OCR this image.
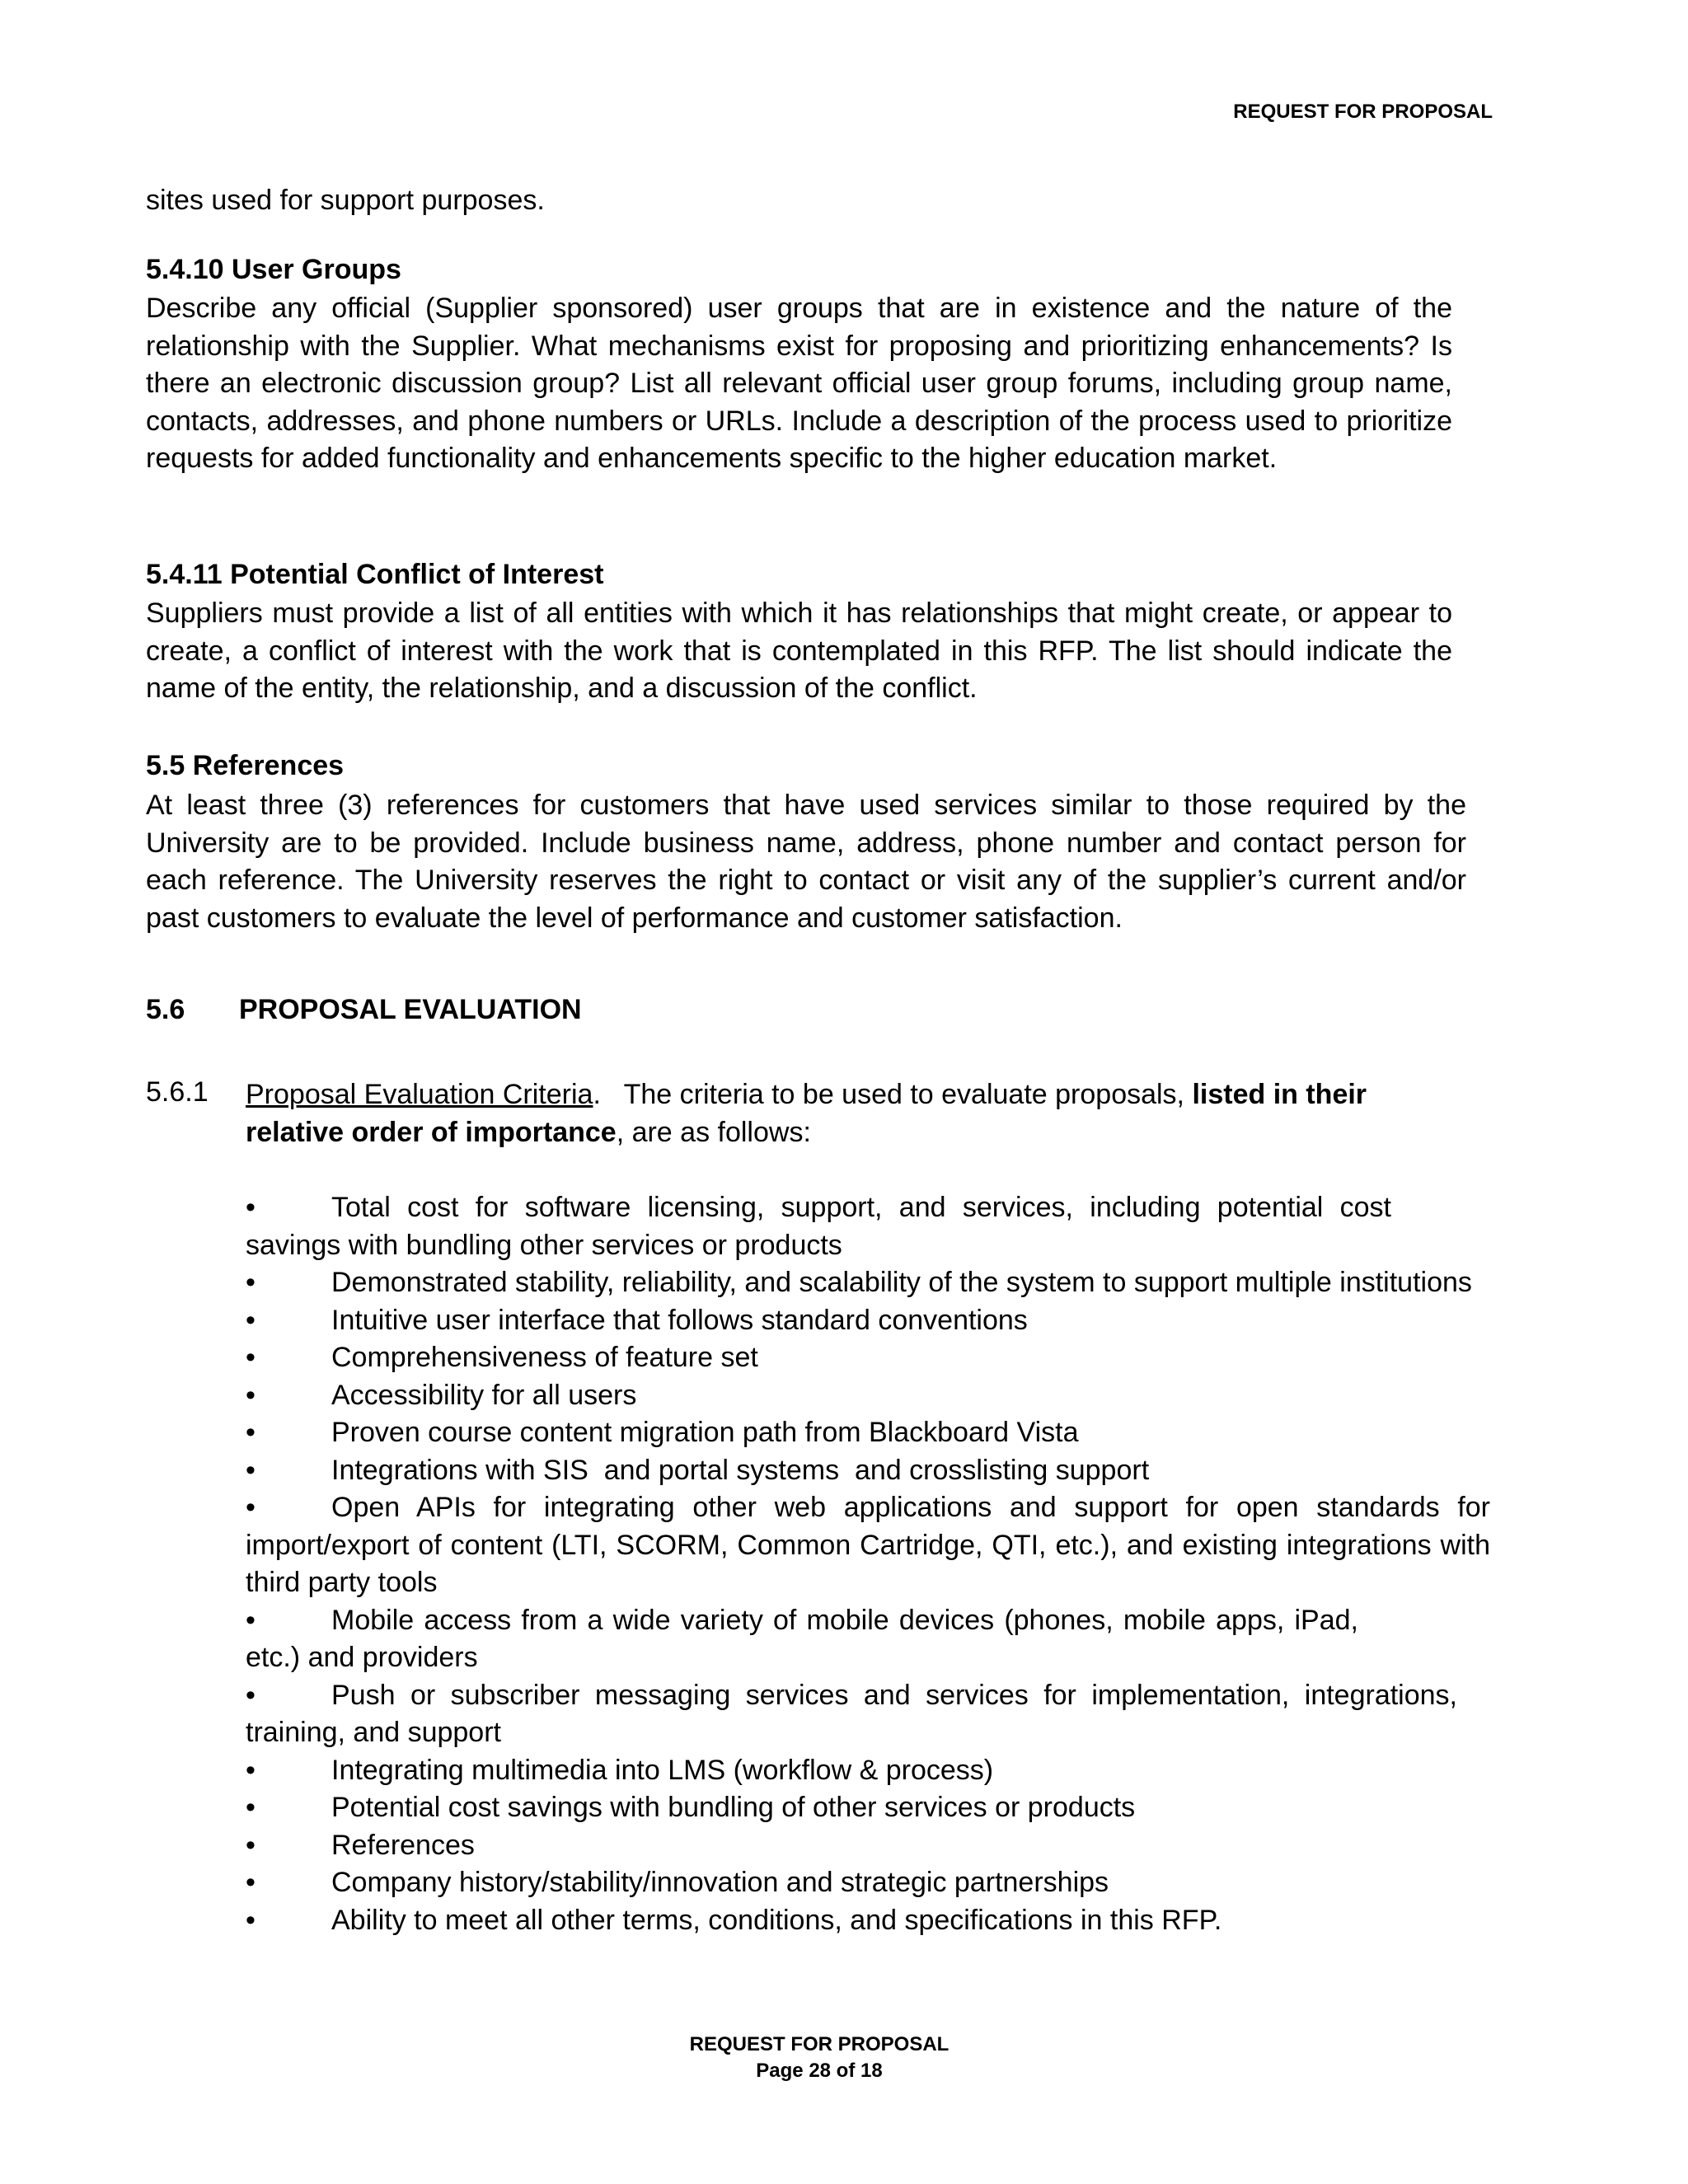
REQUEST FOR PROPOSAL
sites used for support purposes.
5.4.10 User Groups
Describe any official (Supplier sponsored) user groups that are in existence and the nature of the relationship with the Supplier. What mechanisms exist for proposing and prioritizing enhancements? Is there an electronic discussion group? List all relevant official user group forums, including group name, contacts, addresses, and phone numbers or URLs. Include a description of the process used to prioritize requests for added functionality and enhancements specific to the higher education market.
5.4.11 Potential Conflict of Interest
Suppliers must provide a list of all entities with which it has relationships that might create, or appear to create, a conflict of interest with the work that is contemplated in this RFP. The list should indicate the name of the entity, the relationship, and a discussion of the conflict.
5.5 References
At least three (3) references for customers that have used services similar to those required by the University are to be provided. Include business name, address, phone number and contact person for each reference. The University reserves the right to contact or visit any of the supplier’s current and/or past customers to evaluate the level of performance and customer satisfaction.
5.6 PROPOSAL EVALUATION
5.6.1 Proposal Evaluation Criteria.   The criteria to be used to evaluate proposals, listed in their relative order of importance, are as follows:
•	Total cost for software licensing, support, and services, including potential cost savings with bundling other services or products
•	Demonstrated stability, reliability, and scalability of the system to support multiple institutions
•	Intuitive user interface that follows standard conventions
•	Comprehensiveness of feature set
•	Accessibility for all users
•	Proven course content migration path from Blackboard Vista
•	Integrations with SIS  and portal systems  and crosslisting support
•	Open APIs for integrating other web applications and support for open standards for import/export of content (LTI, SCORM, Common Cartridge, QTI, etc.), and existing integrations with third party tools
•	Mobile access from a wide variety of mobile devices (phones, mobile apps, iPad, etc.) and providers
•	Push or subscriber messaging services and services for implementation, integrations, training, and support
•	Integrating multimedia into LMS (workflow & process)
•	Potential cost savings with bundling of other services or products
•	References
•	Company history/stability/innovation and strategic partnerships
•	Ability to meet all other terms, conditions, and specifications in this RFP.
REQUEST FOR PROPOSAL
Page 28 of 18
